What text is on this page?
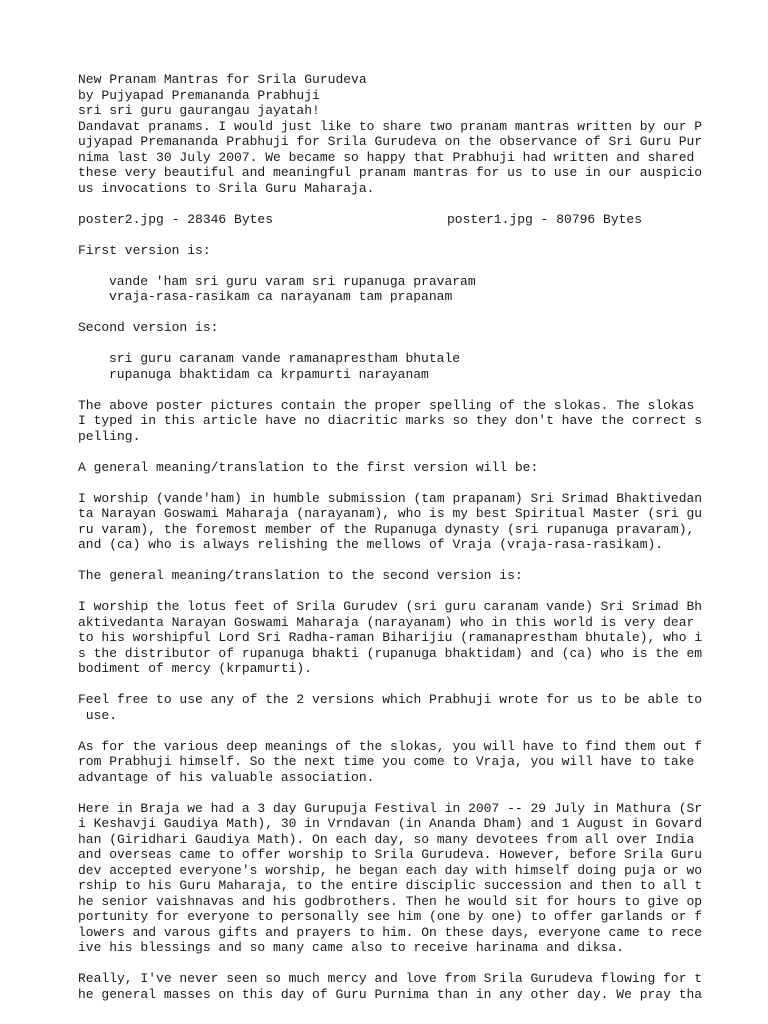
New Pranam Mantras for Srila Gurudeva
by Pujyapad Premananda Prabhuji
sri sri guru gaurangau jayatah!
Dandavat pranams. I would just like to share two pranam mantras written by our P
ujyapad Premananda Prabhuji for Srila Gurudeva on the observance of Sri Guru Pur
nima last 30 July 2007. We became so happy that Prabhuji had written and shared
these very beautiful and meaningful pranam mantras for us to use in our auspicio
us invocations to Srila Guru Maharaja.
poster2.jpg - 28346 Bytes	poster1.jpg - 80796 Bytes
First version is:
vande 'ham sri guru varam sri rupanuga pravaram
vraja-rasa-rasikam ca narayanam tam prapanam
Second version is:
sri guru caranam vande ramanaprestham bhutale
rupanuga bhaktidam ca krpamurti narayanam
The above poster pictures contain the proper spelling of the slokas. The slokas
I typed in this article have no diacritic marks so they don't have the correct s
pelling.
A general meaning/translation to the first version will be:
I worship (vande'ham) in humble submission (tam prapanam) Sri Srimad Bhaktivedan
ta Narayan Goswami Maharaja (narayanam), who is my best Spiritual Master (sri gu
ru varam), the foremost member of the Rupanuga dynasty (sri rupanuga pravaram),
and (ca) who is always relishing the mellows of Vraja (vraja-rasa-rasikam).
The general meaning/translation to the second version is:
I worship the lotus feet of Srila Gurudev (sri guru caranam vande) Sri Srimad Bh
aktivedanta Narayan Goswami Maharaja (narayanam) who in this world is very dear
to his worshipful Lord Sri Radha-raman Biharijiu (ramanaprestham bhutale), who i
s the distributor of rupanuga bhakti (rupanuga bhaktidam) and (ca) who is the em
bodiment of mercy (krpamurti).
Feel free to use any of the 2 versions which Prabhuji wrote for us to be able to
use.
As for the various deep meanings of the slokas, you will have to find them out f
rom Prabhuji himself. So the next time you come to Vraja, you will have to take
advantage of his valuable association.
Here in Braja we had a 3 day Gurupuja Festival in 2007 -- 29 July in Mathura (Sr
i Keshavji Gaudiya Math), 30 in Vrndavan (in Ananda Dham) and 1 August in Govard
han (Giridhari Gaudiya Math). On each day, so many devotees from all over India
and overseas came to offer worship to Srila Gurudeva. However, before Srila Guru
dev accepted everyone's worship, he began each day with himself doing puja or wo
rship to his Guru Maharaja, to the entire disciplic succession and then to all t
he senior vaishnavas and his godbrothers. Then he would sit for hours to give op
portunity for everyone to personally see him (one by one) to offer garlands or f
lowers and varous gifts and prayers to him. On these days, everyone came to rece
ive his blessings and so many came also to receive harinama and diksa.
Really, I've never seen so much mercy and love from Srila Gurudeva flowing for t
he general masses on this day of Guru Purnima than in any other day. We pray tha
